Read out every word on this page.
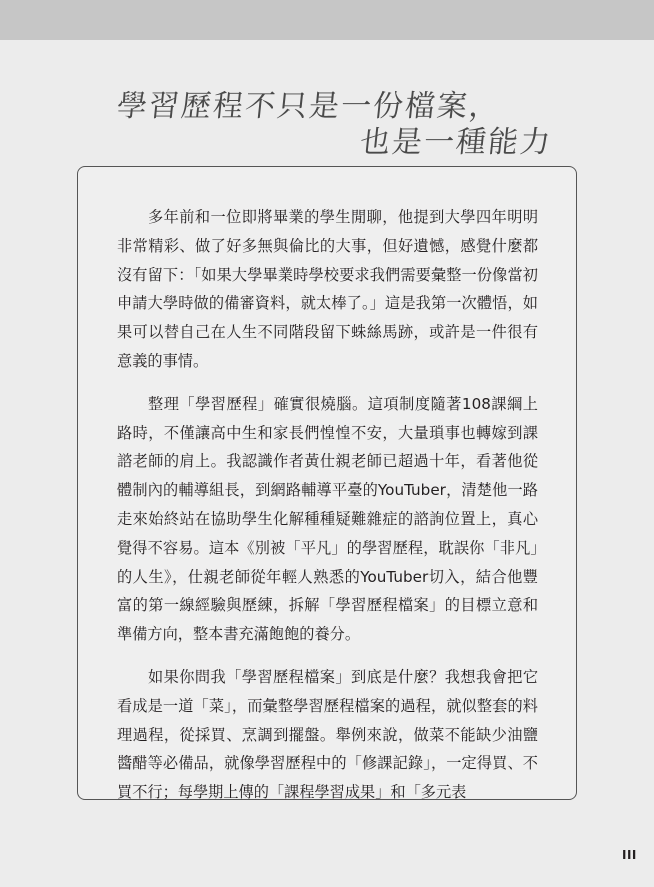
學習歷程不只是一份檔案，
也是一種能力

多年前和一位即將畢業的學生閒聊，他提到大學四年明明非常精彩、做了好多無與倫比的大事，但好遺憾，感覺什麼都沒有留下：「如果大學畢業時學校要求我們需要彙整一份像當初申請大學時做的備審資料，就太棒了。」這是我第一次體悟，如果可以替自己在人生不同階段留下蛛絲馬跡，或許是一件很有意義的事情。

整理「學習歷程」確實很燒腦。這項制度隨著108課綱上路時，不僅讓高中生和家長們惶惶不安，大量瑣事也轉嫁到課諮老師的肩上。我認識作者黃仕親老師已超過十年，看著他從體制內的輔導組長，到網路輔導平臺的YouTuber，清楚他一路走來始終站在協助學生化解種種疑難雜症的諮詢位置上，真心覺得不容易。這本《別被「平凡」的學習歷程，耽誤你「非凡」的人生》，仕親老師從年輕人熟悉的YouTuber切入，結合他豐富的第一線經驗與歷練，拆解「學習歷程檔案」的目標立意和準備方向，整本書充滿飽飽的養分。

如果你問我「學習歷程檔案」到底是什麼？我想我會把它看成是一道「菜」，而彙整學習歷程檔案的過程，就似整套的料理過程，從採買、烹調到擺盤。舉例來說，做菜不能缺少油鹽醬醋等必備品，就像學習歷程中的「修課記錄」，一定得買、不買不行；每學期上傳的「課程學習成果」和「多元表

III
